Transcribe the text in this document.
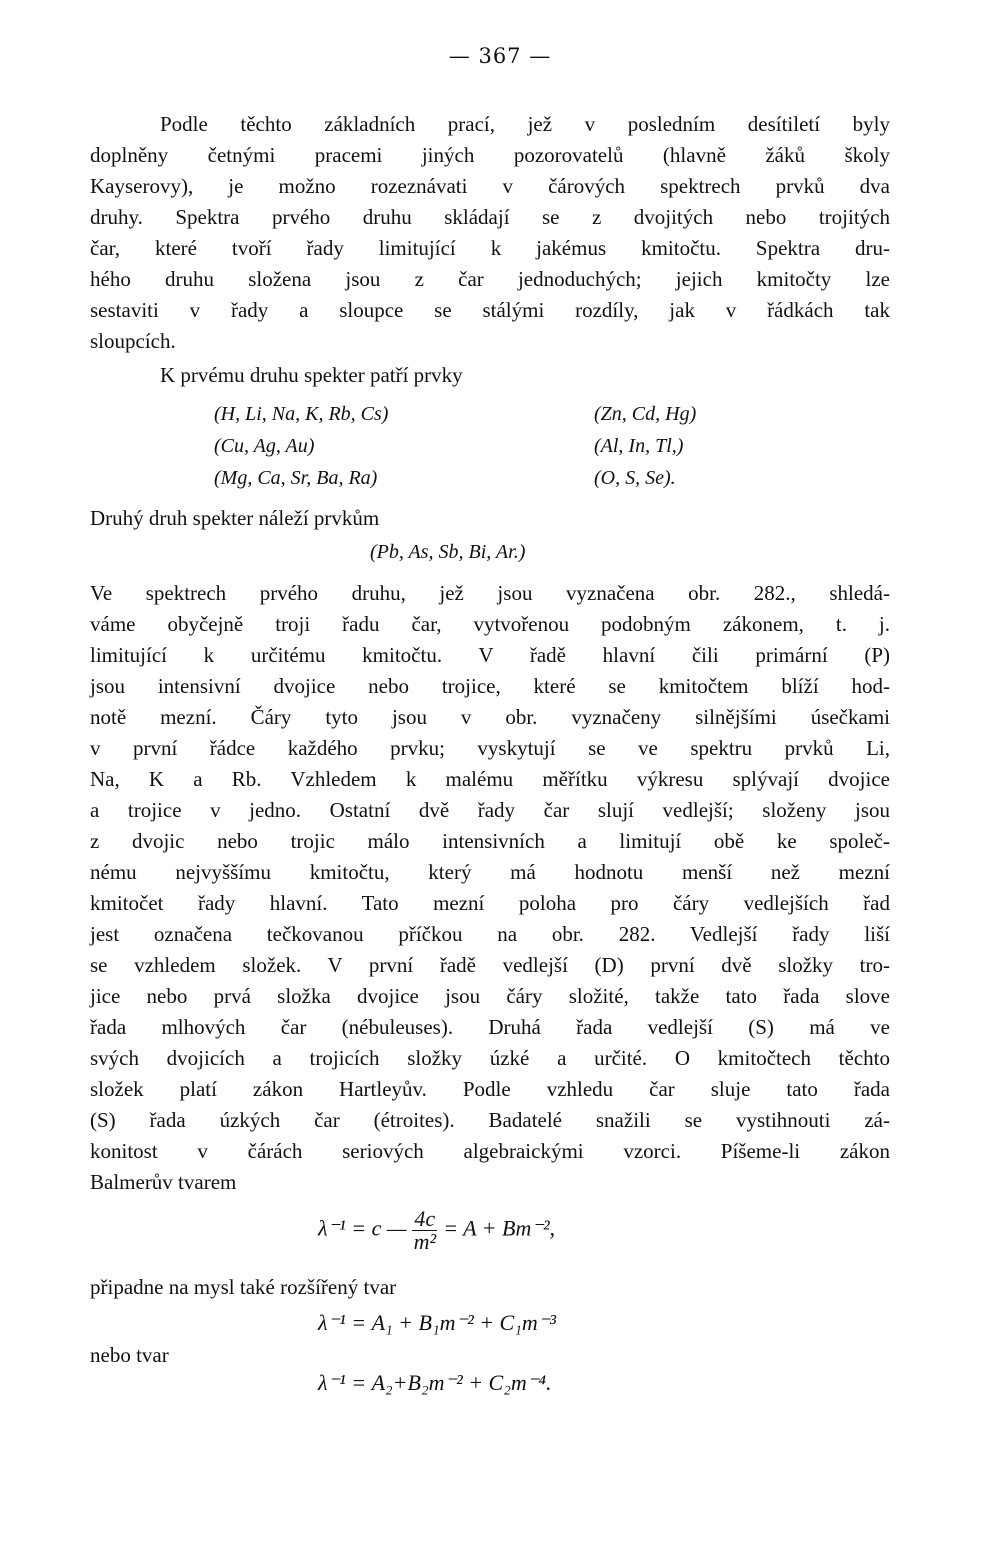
— 367 —
Podle těchto základních prací, jež v posledním desítiletí byly
doplněny četnými pracemi jiných pozorovatelů (hlavně žáků školy
Kayserovy), je možno rozeznávati v čárových spektrech prvků dva
druhy. Spektra prvého druhu skládají se z dvojitých nebo trojitých
čar, které tvoří řady limitující k jakémus kmitočtu. Spektra dru-
hého druhu složena jsou z čar jednoduchých; jejich kmitočty lze
sestaviti v řady a sloupce se stálými rozdíly, jak v řádkách tak
sloupcích.
K prvému druhu spekter patří prvky
(H, Li, Na, K, Rb, Cs)
(Cu, Ag, Au)
(Mg, Ca, Sr, Ba, Ra)
(Zn, Cd, Hg)
(Al, In, Tl,)
(O, S, Se).
Druhý druh spekter náleží prvkům
(Pb, As, Sb, Bi, Ar.)
Ve spektrech prvého druhu, jež jsou vyznačena obr. 282., shledá-
váme obyčejně troji řadu čar, vytvořenou podobným zákonem, t. j.
limitující k určitému kmitočtu. V řadě hlavní čili primární (P)
jsou intensivní dvojice nebo trojice, které se kmitočtem blíží hod-
notě mezní. Čáry tyto jsou v obr. vyznačeny silnějšími úsečkami
v první řádce každého prvku; vyskytují se ve spektru prvků Li,
Na, K a Rb. Vzhledem k malému měřítku výkresu splývají dvojice
a trojice v jedno. Ostatní dvě řady čar slují vedlejší; složeny jsou
z dvojic nebo trojic málo intensivních a limitují obě ke společ-
nému nejvyššímu kmitočtu, který má hodnotu menší než mezní
kmitočet řady hlavní. Tato mezní poloha pro čáry vedlejších řad
jest označena tečkovanou příčkou na obr. 282. Vedlejší řady liší
se vzhledem složek. V první řadě vedlejší (D) první dvě složky tro-
jice nebo prvá složka dvojice jsou čáry složité, takže tato řada slove
řada mlhových čar (nébuleuses). Druhá řada vedlejší (S) má ve
svých dvojicích a trojicích složky úzké a určité. O kmitočtech těchto
složek platí zákon Hartleyův. Podle vzhledu čar sluje tato řada
(S) řada úzkých čar (étroites). Badatelé snažili se vystihnouti zá-
konitost v čárách seriových algebraickými vzorci. Píšeme-li zákon
Balmerův tvarem
λ⁻¹ = c — $\frac{4c}{\text{m²}} = A + Bm^{-2}$,
připadne na mysl také rozšířený tvar
λ⁻¹ = A₁ + B₁m⁻² + C₁m⁻³
nebo tvar
λ⁻¹ = A₂+B₂m⁻² + C₂m⁻⁴.
